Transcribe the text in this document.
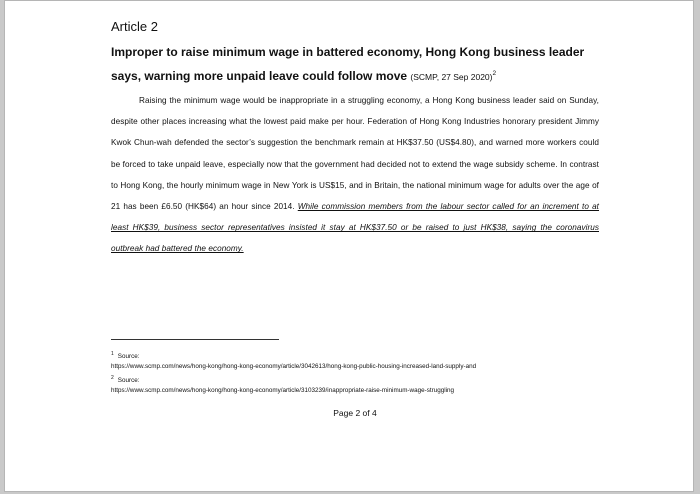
Article 2

Improper to raise minimum wage in battered economy, Hong Kong business leader says, warning more unpaid leave could follow move (SCMP, 27 Sep 2020)$^2$

Raising the minimum wage would be inappropriate in a struggling economy, a Hong Kong business leader said on Sunday, despite other places increasing what the lowest paid make per hour. Federation of Hong Kong Industries honorary president Jimmy Kwok Chun-wah defended the sector’s suggestion the benchmark remain at HK$37.50 (US$4.80), and warned more workers could be forced to take unpaid leave, especially now that the government had decided not to extend the wage subsidy scheme. In contrast to Hong Kong, the hourly minimum wage in New York is US$15, and in Britain, the national minimum wage for adults over the age of 21 has been £6.50 (HK$64) an hour since 2014. While commission members from the labour sector called for an increment to at least HK$39, business sector representatives insisted it stay at HK$37.50 or be raised to just HK$38, saying the coronavirus outbreak had battered the economy.

$^1$ Source:
https://www.scmp.com/news/hong-kong/hong-kong-economy/article/3042613/hong-kong-public-housing-increased-land-supply-and
$^2$ Source:
https://www.scmp.com/news/hong-kong/hong-kong-economy/article/3103239/inappropriate-raise-minimum-wage-struggling
Page 2 of 4
